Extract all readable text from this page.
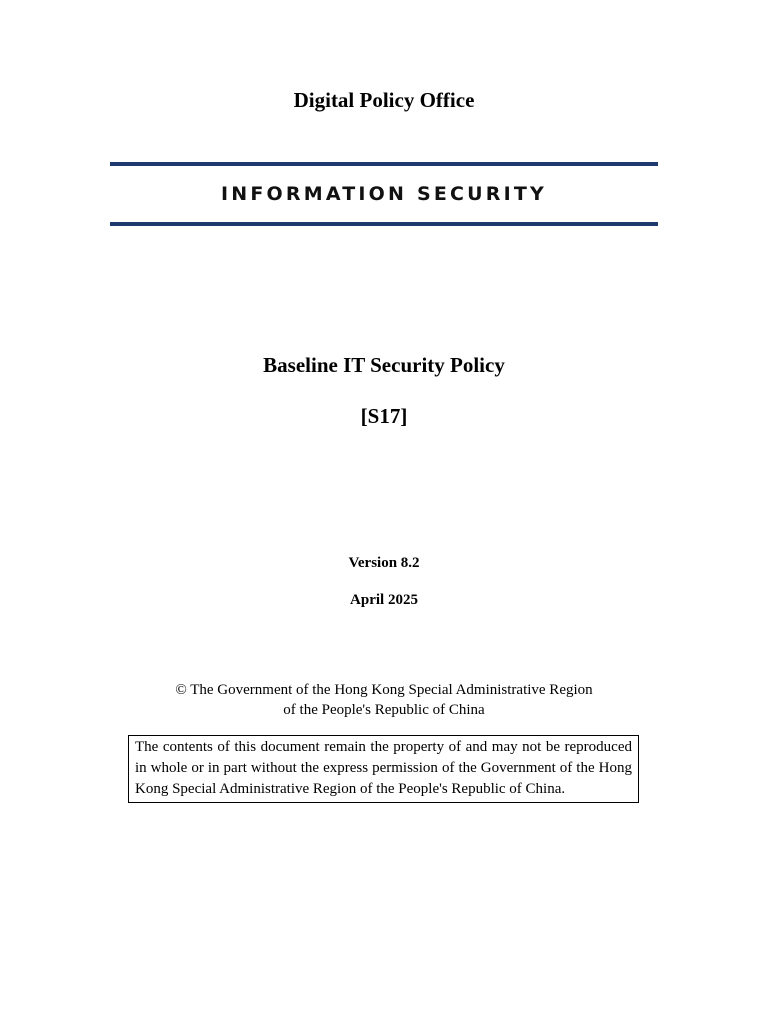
Digital Policy Office
INFORMATION SECURITY
Baseline IT Security Policy
[S17]
Version 8.2
April 2025
© The Government of the Hong Kong Special Administrative Region
of the People's Republic of China
The contents of this document remain the property of and may not be reproduced in whole or in part without the express permission of the Government of the Hong Kong Special Administrative Region of the People's Republic of China.
